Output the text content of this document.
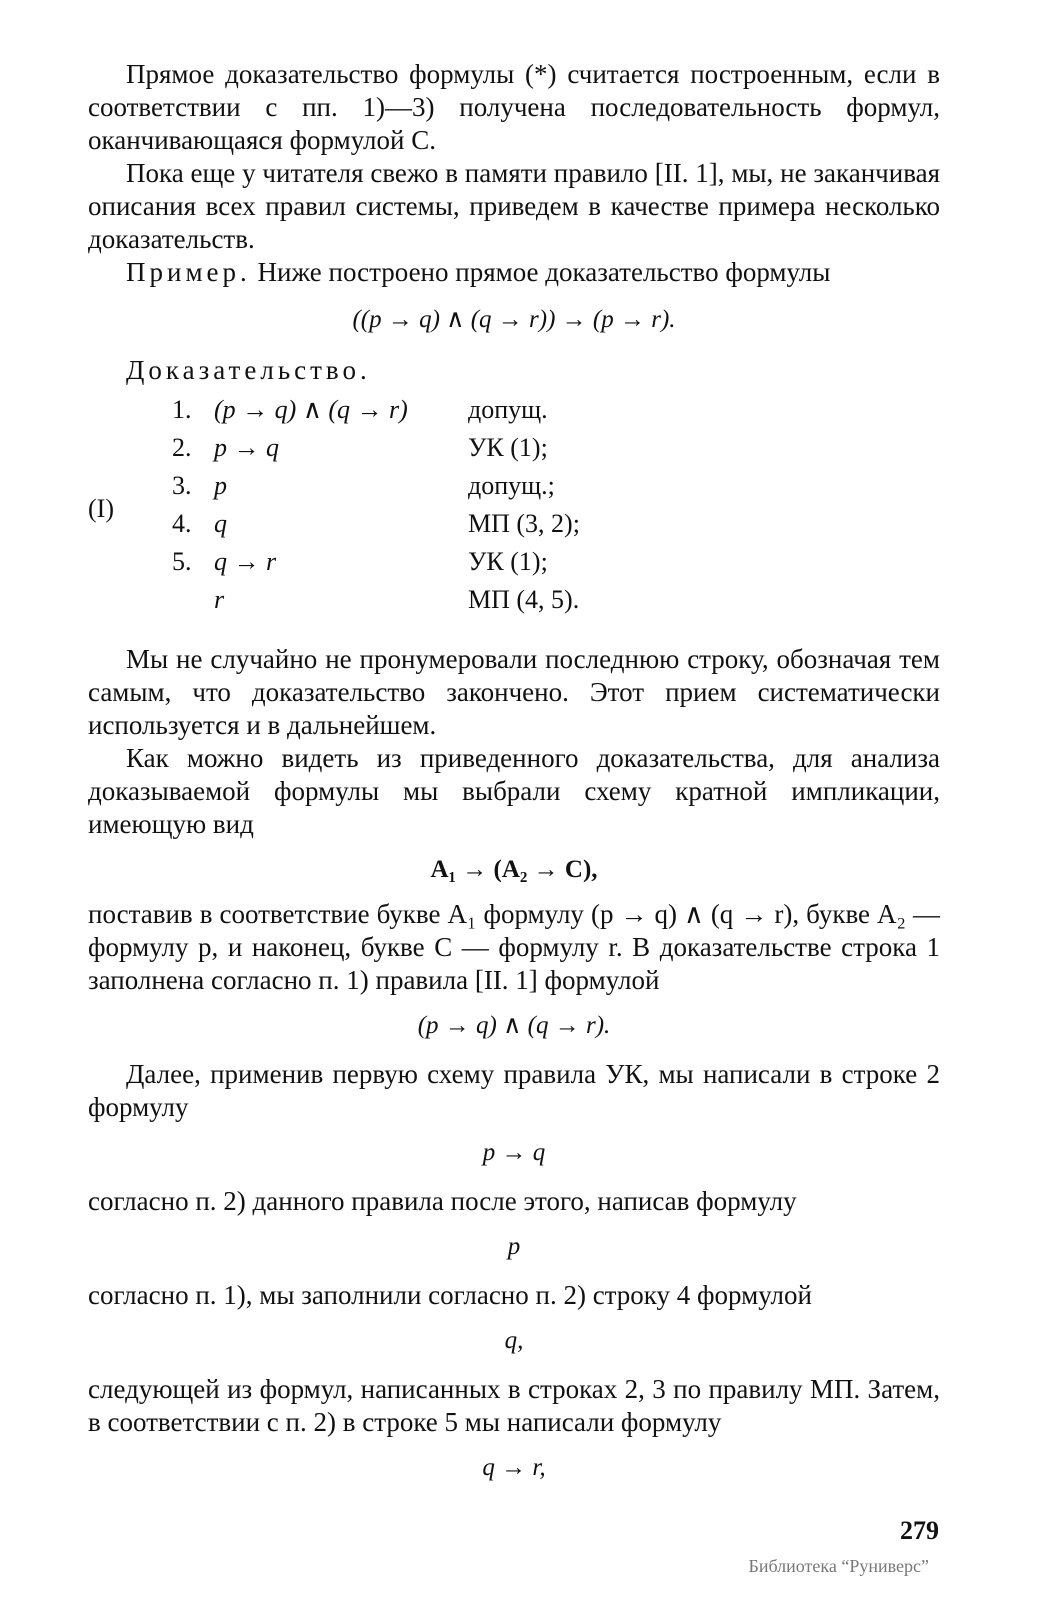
Прямое доказательство формулы (*) считается построенным, если в соответствии с пп. 1)—3) получена последовательность формул, оканчивающаяся формулой C.

Пока еще у читателя свежо в памяти правило [II. 1], мы, не заканчивая описания всех правил системы, приведем в качестве примера несколько доказательств.

Пример. Ниже построено прямое доказательство формулы

((p → q) ∧ (q → r)) → (p → r).

Доказательство.

(I)
1. (p → q) ∧ (q → r) допущ.
2. p → q	УК (1);
3. p	допущ.;
4. q	МП (3, 2);
5. q → r	УК (1);
r	МП (4, 5).

Мы не случайно не пронумеровали последнюю строку, обозначая тем самым, что доказательство закончено. Этот прием систематически используется и в дальнейшем.

Как можно видеть из приведенного доказательства, для анализа доказываемой формулы мы выбрали схему кратной импликации, имеющую вид

A₁ → (A₂ → C),

поставив в соответствие букве A₁ формулу (p → q) ∧ (q → r), букве A₂ — формулу p, и наконец, букве C — формулу r. В доказательстве строка 1 заполнена согласно п. 1) правила [II. 1] формулой

(p → q) ∧ (q → r).

Далее, применив первую схему правила УК, мы написали в строке 2 формулу

p → q

согласно п. 2) данного правила после этого, написав формулу

p

согласно п. 1), мы заполнили согласно п. 2) строку 4 формулой

q,

следующей из формул, написанных в строках 2, 3 по правилу МП. Затем, в соответствии с п. 2) в строке 5 мы написали формулу

q → r,

279
Библиотека “Руниверс”
